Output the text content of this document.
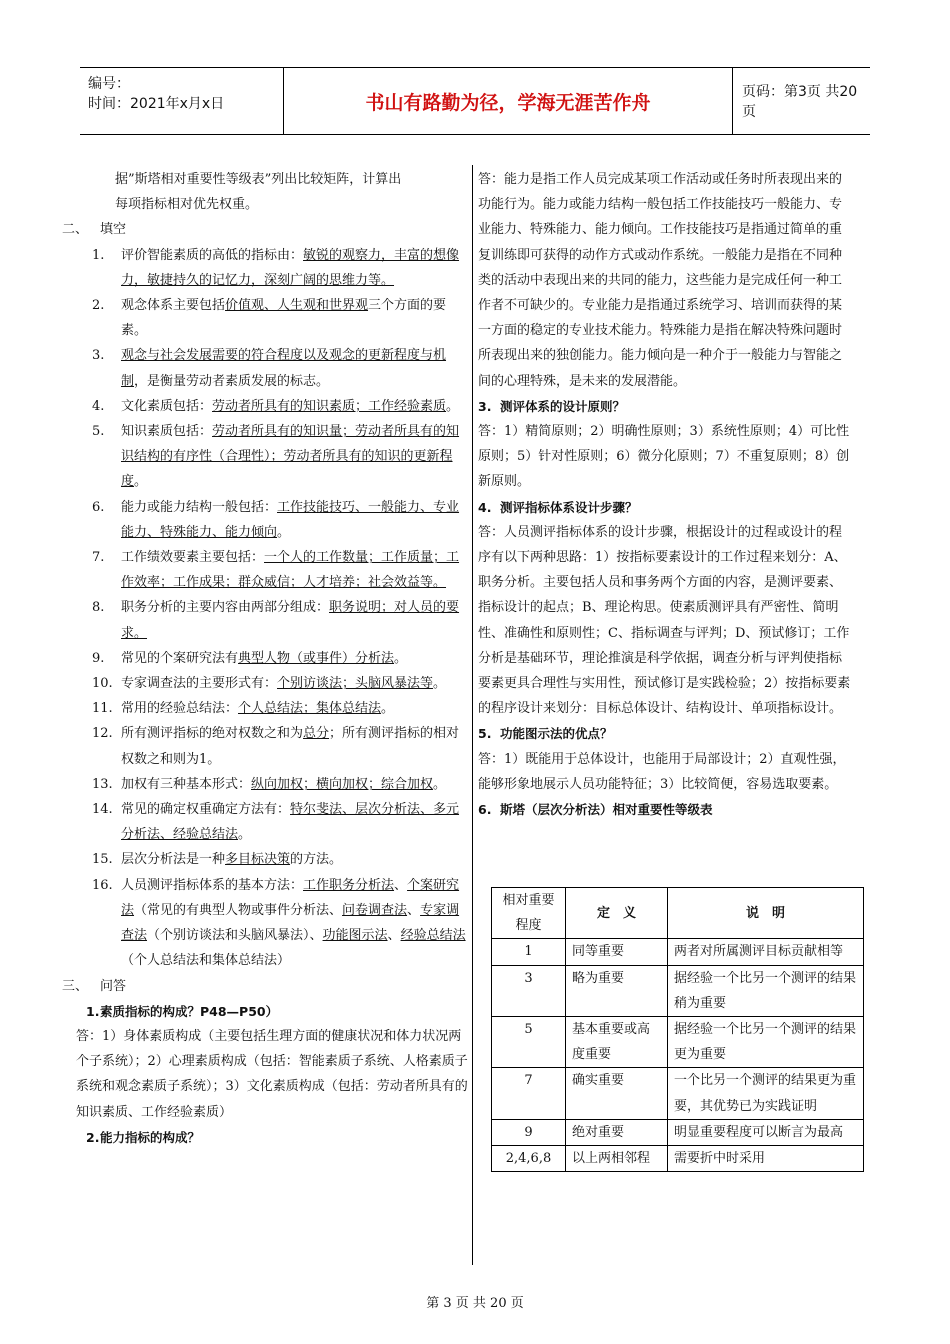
编号：
时间：2021年x月x日	书山有路勤为径，学海无涯苦作舟	页码：第3页 共20页

据”斯塔相对重要性等级表”列出比较矩阵，计算出

每项指标相对优先权重。

二、 填空
1.	评价智能素质的高低的指标由：敏锐的观察力，丰富的想像力，敏捷持久的记忆力，深刻广阔的思维力等。
2.	观念体系主要包括价值观、人生观和世界观三个方面的要素。
3.	观念与社会发展需要的符合程度以及观念的更新程度与机制，是衡量劳动者素质发展的标志。
4.	文化素质包括：劳动者所具有的知识素质；工作经验素质。
5.	知识素质包括：劳动者所具有的知识量；劳动者所具有的知识结构的有序性（合理性）；劳动者所具有的知识的更新程度。
6.	能力或能力结构一般包括：工作技能技巧、一般能力、专业能力、特殊能力、能力倾向。
7.	工作绩效要素主要包括：一个人的工作数量；工作质量；工作效率；工作成果；群众威信；人才培养；社会效益等。
8.	职务分析的主要内容由两部分组成：职务说明；对人员的要求。
9.	常见的个案研究法有典型人物（或事件）分析法。
10. 专家调查法的主要形式有：个别访谈法；头脑风暴法等。
11. 常用的经验总结法：个人总结法；集体总结法。
12. 所有测评指标的绝对权数之和为总分；所有测评指标的相对权数之和则为1。
13. 加权有三种基本形式：纵向加权；横向加权；综合加权。
14. 常见的确定权重确定方法有：特尔斐法、层次分析法、多元分析法、经验总结法。
15. 层次分析法是一种多目标决策的方法。
16. 人员测评指标体系的基本方法：工作职务分析法、个案研究法（常见的有典型人物或事件分析法、问卷调查法、专家调查法（个别访谈法和头脑风暴法）、功能图示法、经验总结法（个人总结法和集体总结法）
三、 问答
1. 素质指标的构成？P48—P50）

答：1）身体素质构成（主要包括生理方面的健康状况和体力状况两个子系统）；2）心理素质构成（包括：智能素质子系统、人格素质子系统和观念素质子系统）；3）文化素质构成（包括：劳动者所具有的知识素质、工作经验素质）

2. 能力指标的构成？

答：能力是指工作人员完成某项工作活动或任务时所表现出来的功能行为。能力或能力结构一般包括工作技能技巧一般能力、专业能力、特殊能力、能力倾向。工作技能技巧是指通过简单的重复训练即可获得的动作方式或动作系统。一般能力是指在不同种类的活动中表现出来的共同的能力，这些能力是完成任何一种工作者不可缺少的。专业能力是指通过系统学习、培训而获得的某一方面的稳定的专业技术能力。特殊能力是指在解决特殊问题时所表现出来的独创能力。能力倾向是一种介于一般能力与智能之间的心理特殊，是未来的发展潜能。

3. 测评体系的设计原则？

答：1）精简原则；2）明确性原则；3）系统性原则；4）可比性原则；5）针对性原则；6）微分化原则；7）不重复原则；8）创新原则。

4. 测评指标体系设计步骤？

答：人员测评指标体系的设计步骤，根据设计的过程或设计的程序有以下两种思路：1）按指标要素设计的工作过程来划分：A、职务分析。主要包括人员和事务两个方面的内容，是测评要素、指标设计的起点；B、理论构思。使素质测评具有严密性、简明性、准确性和原则性；C、指标调查与评判；D、预试修订；工作分析是基础环节，理论推演是科学依据，调查分析与评判使指标要素更具合理性与实用性，预试修订是实践检验；2）按指标要素的程序设计来划分：目标总体设计、结构设计、单项指标设计。

5. 功能图示法的优点？

答：1）既能用于总体设计，也能用于局部设计；2）直观性强，能够形象地展示人员功能特征；3）比较简便，容易选取要素。

6. 斯塔（层次分析法）相对重要性等级表
相对重要程度	定　义	说　明
1	同等重要	两者对所属测评目标贡献相等
3	略为重要	据经验一个比另一个测评的结果稍为重要
5	基本重要或高度重要	据经验一个比另一个测评的结果更为重要
7	确实重要	一个比另一个测评的结果更为重要，其优势已为实践证明
9	绝对重要	明显重要程度可以断言为最高
2,4,6,8	以上两相邻程	需要折中时采用
第 3 页 共 20 页
